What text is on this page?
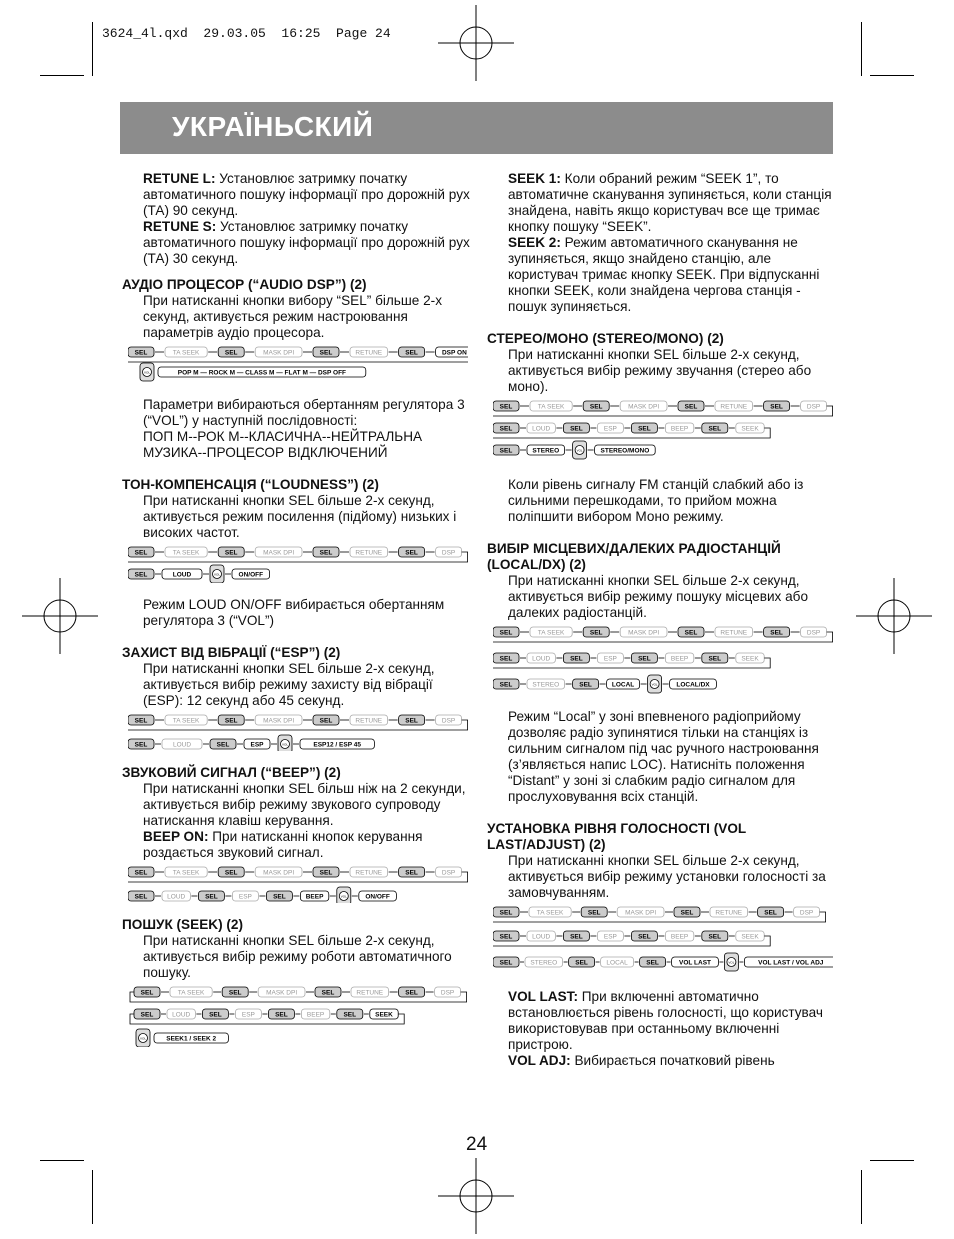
3624_4l.qxd  29.03.05  16:25  Page 24
УКРАЇНЬСКИЙ

RETUNE L: Установлює затримку початку автоматичного пошуку інформації про дорожній рух (ТА) 90 секунд.

RETUNE S: Установлює затримку початку автоматичного пошуку інформації про дорожній рух (ТА) 30 секунд.

АУДІО ПРОЦЕСОР (“AUDIO DSP”) (2)

При натисканні кнопки вибору “SEL” більше 2-х секунд, активується режим настроювання параметрів аудіо процесора.

SEL	TA SEEK	SEL	MASK DPI	SEL	RETUNE	SEL	DSP ON
VOL	POP M — ROCK M — CLASS M — FLAT M — DSP OFF

Параметри вибираються обертанням регулятора 3 (“VOL”) у наступній послідовності:

ПОП М--РОК М--КЛАСИЧНА--НЕЙТРАЛЬНА МУЗИКА--ПРОЦЕСОР ВІДКЛЮЧЕНИЙ

ТОН-КОМПЕНСАЦІЯ (“LOUDNESS”) (2)

При натисканні кнопки SEL більше 2-х секунд, активується режим посилення (підйому) низьких і високих частот.

SEL	TA SEEK	SEL	MASK DPI	SEL	RETUNE	SEL	DSP
SEL	LOUD	VOL	ON/OFF

Режим LOUD ON/OFF вибирається обертанням регулятора 3 (“VOL”)

ЗАХИСТ ВІД ВІБРАЦІЇ (“ESP”) (2)

При натисканні кнопки SEL більше 2-х секунд, активується вибір режиму захисту від вібрації (ESP): 12 секунд або 45 секунд.

SEL	TA SEEK	SEL	MASK DPI	SEL	RETUNE	SEL	DSP
SEL	LOUD	SEL	ESP	VOL	ESP12 / ESP 45

ЗВУКОВИЙ СИГНАЛ (“BEEP”) (2)

При натисканні кнопки SEL більш ніж на 2 секунди, активується вибір режиму звукового супроводу натискання клавіш керування.

BEEP ON: При натисканні кнопок керування роздається звуковий сигнал.

SEL	TA SEEK	SEL	MASK DPI	SEL	RETUNE	SEL	DSP
SEL	LOUD	SEL	ESP	SEL	BEEP	VOL	ON/OFF

ПОШУК (SEEK) (2)

При натисканні кнопки SEL більше 2-х секунд, активується вибір режиму роботи автоматичного пошуку.

SEL	TA SEEK	SEL	MASK DPI	SEL	RETUNE	SEL	DSP
SEL	LOUD	SEL	ESP	SEL	BEEP	SEL	SEEK
VOL	SEEK1 / SEEK 2

SEEK 1: Коли обраний режим “SEEK 1”, то автоматичне сканування зупиняється, коли станція знайдена, навіть якщо користувач все ще тримає кнопку пошуку “SEEK”.

SEEK 2: Режим автоматичного сканування не зупиняється, якщо знайдено станцію, але користувач тримає кнопку SEEK. При відпусканні кнопки SEEK, коли знайдена чергова станція - пошук зупиняється.

СТЕРЕО/МОНО (STEREO/MONO) (2)

При натисканні кнопки SEL більше 2-х секунд, активується вибір режиму звучання (стерео або моно).

SEL	TA SEEK	SEL	MASK DPI	SEL	RETUNE	SEL	DSP
SEL	LOUD	SEL	ESP	SEL	BEEP	SEL	SEEK
SEL	STEREO	VOL	STEREO/MONO

Коли рівень сигналу FM станцій слабкий або із сильними перешкодами, то прийом можна поліпшити вибором Моно режиму.

ВИБІР МІСЦЕВИХ/ДАЛЕКИХ РАДІОСТАНЦІЙ (LOCAL/DX) (2)

При натисканні кнопки SEL більше 2-х секунд, активується вибір режиму пошуку місцевих або далеких радіостанцій.

SEL	TA SEEK	SEL	MASK DPI	SEL	RETUNE	SEL	DSP
SEL	LOUD	SEL	ESP	SEL	BEEP	SEL	SEEK
SEL	STEREO	SEL	LOCAL	VOL	LOCAL/DX

Режим “Local” у зоні впевненого радіоприйому дозволяє радіо зупинятися тільки на станціях із сильним сигналом під час ручного настроювання (з’являється напис LOC). Натисніть положення “Distant” у зоні зі слабким радіо сигналом для прослуховування всіх станцій.

УСТАНОВКА РІВНЯ ГОЛОСНОСТІ (VOL LAST/ADJUST) (2)

При натисканні кнопки SEL більше 2-х секунд, активується вибір режиму установки голосності за замовчуванням.

SEL	TA SEEK	SEL	MASK DPI	SEL	RETUNE	SEL	DSP
SEL	LOUD	SEL	ESP	SEL	BEEP	SEL	SEEK
SEL	STEREO	SEL	LOCAL	SEL	VOL LAST	VOL	VOL LAST / VOL ADJ

VOL LAST: При включенні автоматично встановлюється рівень голосності, що користувач використовував при останньому включенні пристрою.

VOL ADJ: Вибирається початковий рівень

24
